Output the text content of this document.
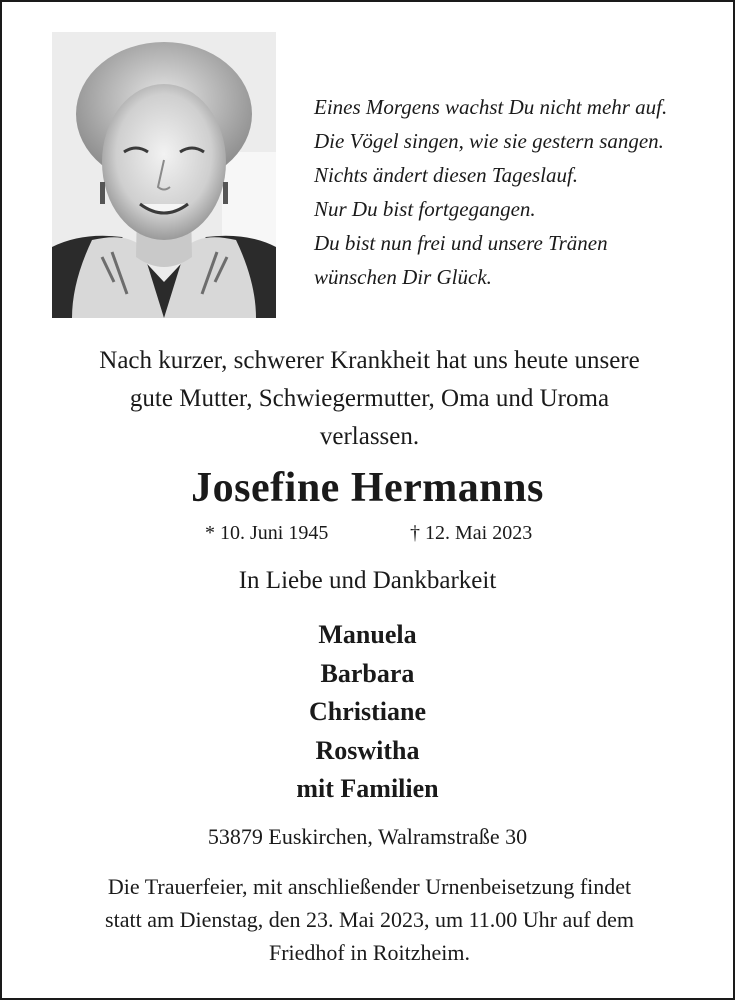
Eines Morgens wachst Du nicht mehr auf.
Die Vögel singen, wie sie gestern sangen.
Nichts ändert diesen Tageslauf.
Nur Du bist fortgegangen.
Du bist nun frei und unsere Tränen
wünschen Dir Glück.
Nach kurzer, schwerer Krankheit hat uns heute unsere
gute Mutter, Schwiegermutter, Oma und Uroma
verlassen.
Josefine Hermanns
* 10. Juni 1945	† 12. Mai 2023
In Liebe und Dankbarkeit
Manuela
Barbara
Christiane
Roswitha
mit Familien
53879 Euskirchen, Walramstraße 30
Die Trauerfeier, mit anschließender Urnenbeisetzung findet
statt am Dienstag, den 23. Mai 2023, um 11.00 Uhr auf dem
Friedhof in Roitzheim.
